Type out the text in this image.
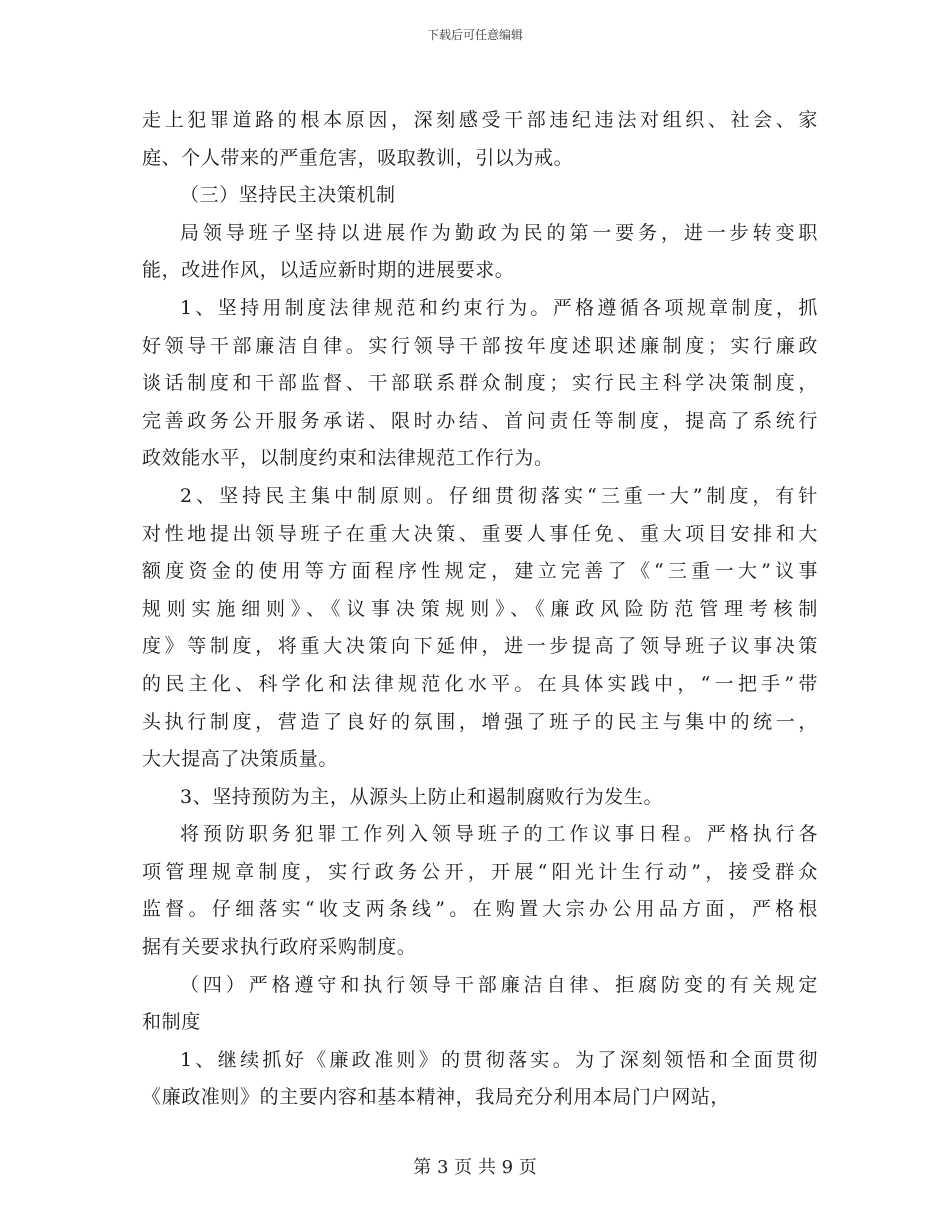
下载后可任意编辑

走上犯罪道路的根本原因，深刻感受干部违纪违法对组织、社会、家
庭、个人带来的严重危害，吸取教训，引以为戒。

（三）坚持民主决策机制

局领导班子坚持以进展作为勤政为民的第一要务，进一步转变职
能，改进作风，以适应新时期的进展要求。

1、坚持用制度法律规范和约束行为。严格遵循各项规章制度，抓
好领导干部廉洁自律。实行领导干部按年度述职述廉制度；实行廉政
谈话制度和干部监督、干部联系群众制度；实行民主科学决策制度，
完善政务公开服务承诺、限时办结、首问责任等制度，提高了系统行
政效能水平，以制度约束和法律规范工作行为。

2、坚持民主集中制原则。仔细贯彻落实“三重一大”制度，有针
对性地提出领导班子在重大决策、重要人事任免、重大项目安排和大
额度资金的使用等方面程序性规定，建立完善了《“三重一大”议事
规则实施细则》、《议事决策规则》、《廉政风险防范管理考核制
度》等制度，将重大决策向下延伸，进一步提高了领导班子议事决策
的民主化、科学化和法律规范化水平。在具体实践中，“一把手”带
头执行制度，营造了良好的氛围，增强了班子的民主与集中的统一，
大大提高了决策质量。

3、坚持预防为主，从源头上防止和遏制腐败行为发生。

将预防职务犯罪工作列入领导班子的工作议事日程。严格执行各
项管理规章制度，实行政务公开，开展“阳光计生行动”，接受群众
监督。仔细落实“收支两条线”。在购置大宗办公用品方面，严格根
据有关要求执行政府采购制度。

（四）严格遵守和执行领导干部廉洁自律、拒腐防变的有关规定
和制度

1、继续抓好《廉政准则》的贯彻落实。为了深刻领悟和全面贯彻
《廉政准则》的主要内容和基本精神，我局充分利用本局门户网站，

第 3 页 共 9 页
